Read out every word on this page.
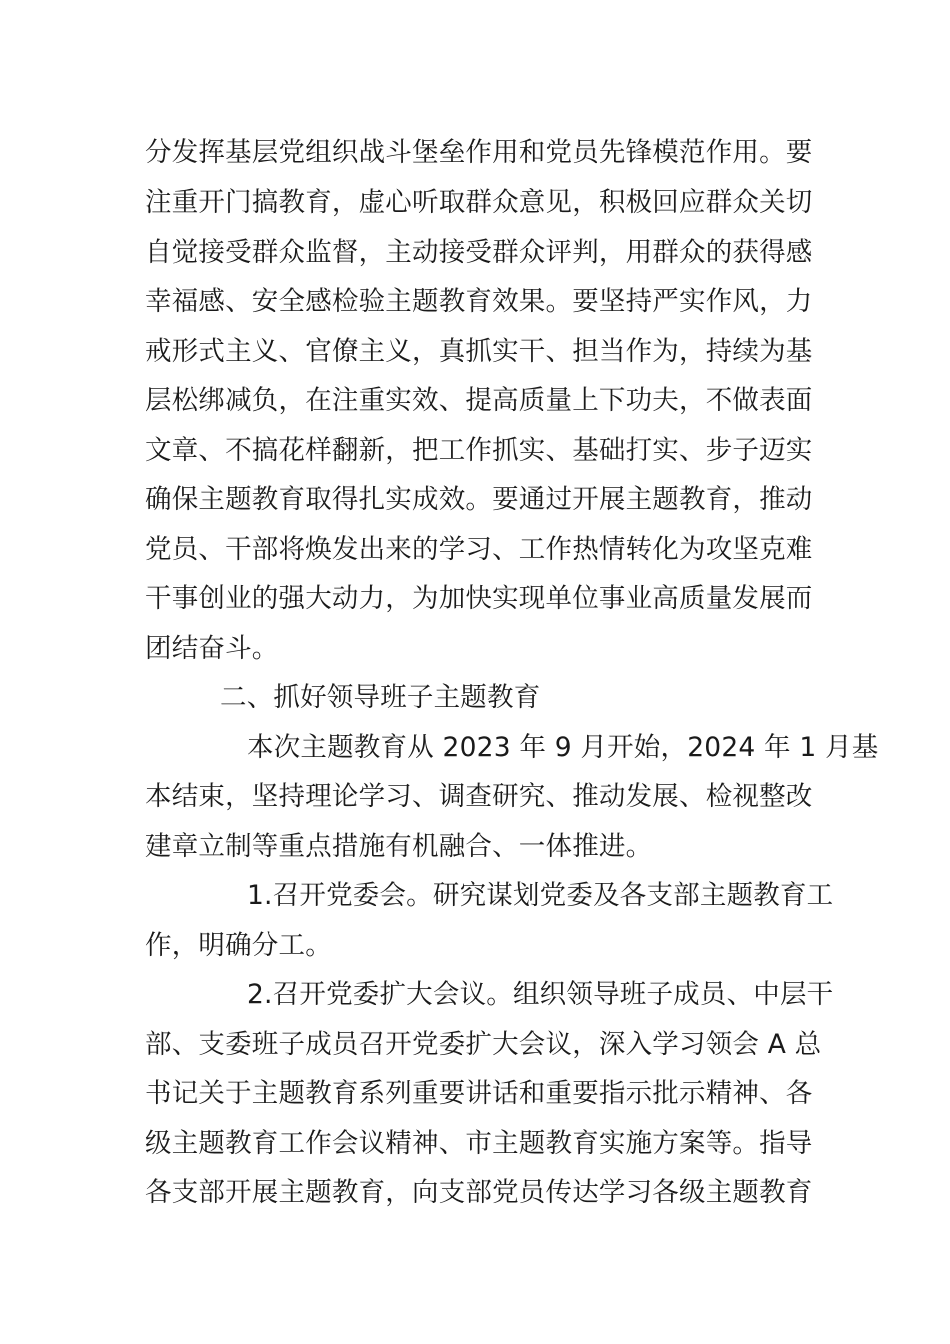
分发挥基层党组织战斗堡垒作用和党员先锋模范作用。要
注重开门搞教育，虚心听取群众意见，积极回应群众关切
自觉接受群众监督，主动接受群众评判，用群众的获得感
幸福感、安全感检验主题教育效果。要坚持严实作风，力
戒形式主义、官僚主义，真抓实干、担当作为，持续为基
层松绑减负，在注重实效、提高质量上下功夫，不做表面
文章、不搞花样翻新，把工作抓实、基础打实、步子迈实
确保主题教育取得扎实成效。要通过开展主题教育，推动
党员、干部将焕发出来的学习、工作热情转化为攻坚克难
干事创业的强大动力，为加快实现单位事业高质量发展而
团结奋斗。
二、抓好领导班子主题教育
本次主题教育从 2023 年 9 月开始，2024 年 1 月基
本结束，坚持理论学习、调查研究、推动发展、检视整改
建章立制等重点措施有机融合、一体推进。
1.召开党委会。研究谋划党委及各支部主题教育工
作，明确分工。
2.召开党委扩大会议。组织领导班子成员、中层干
部、支委班子成员召开党委扩大会议，深入学习领会 A 总
书记关于主题教育系列重要讲话和重要指示批示精神、各
级主题教育工作会议精神、市主题教育实施方案等。指导
各支部开展主题教育，向支部党员传达学习各级主题教育
